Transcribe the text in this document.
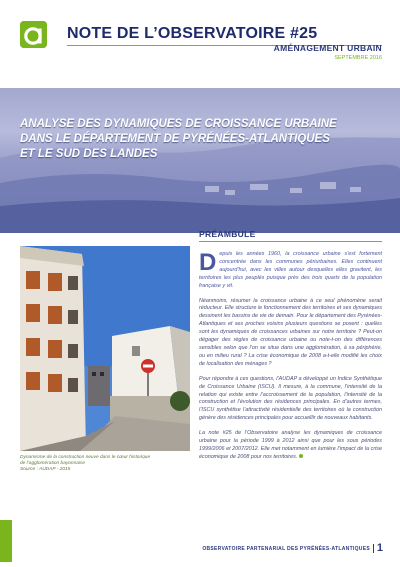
NOTE DE L’OBSERVATOIRE #25
AMÉNAGEMENT URBAIN
SEPTEMBRE 2016
ANALYSE DES DYNAMIQUES DE CROISSANCE URBAINE
DANS LE DÉPARTEMENT DE PYRÉNÉES-ATLANTIQUES
ET LE SUD DES LANDES
Dynamisme de la construction neuve dans le cœur historique
de l’agglomération bayonnaise
Source : AUDAP - 2015
PRÉAMBULE

Depuis les années 1960, la croissance urbaine s’est fortement concentrée dans les communes périurbaines. Elles continuent aujourd’hui, avec les villes autour desquelles elles gravitent, les territoires les plus peuplés puisque près des trois quarts de la population française y vit.

Néanmoins, résumer la croissance urbaine à ce seul phénomène serait réducteur. Elle structure le fonctionnement des territoires et ses dynamiques dessinent les bassins de vie de demain. Pour le département des Pyrénées-Atlantiques et ses proches voisins plusieurs questions se posent : quelles sont les dynamiques de croissances urbaines sur notre territoire ? Peut-on dégager des règles de croissance urbaine ou note-t-on des différences sensibles selon que l’on se situe dans une agglomération, à sa périphérie, ou en milieu rural ? La crise économique de 2008 a-t-elle modifié les choix de localisation des ménages ?

Pour répondre à ces questions, l’AUDAP a développé un Indice Synthétique de Croissance Urbaine (ISCU). Il mesure, à la commune, l’intensité de la relation qui existe entre l’accroissement de la population, l’intensité de la construction et l’évolution des résidences principales. En d’autres termes, l’ISCU synthétise l’attractivité résidentielle des territoires où la construction génère des résidences principales pour accueillir de nouveaux habitants.

La note #25 de l’Observatoire analyse les dynamiques de croissance urbaine pour la période 1999 à 2012 ainsi que pour les sous périodes 1999/2006 et 2007/2012. Elle met notamment en lumière l’impact de la crise économique de 2008 pour nos territoires.

OBSERVATOIRE PARTENARIAL DES PYRÉNÉES-ATLANTIQUES 1
